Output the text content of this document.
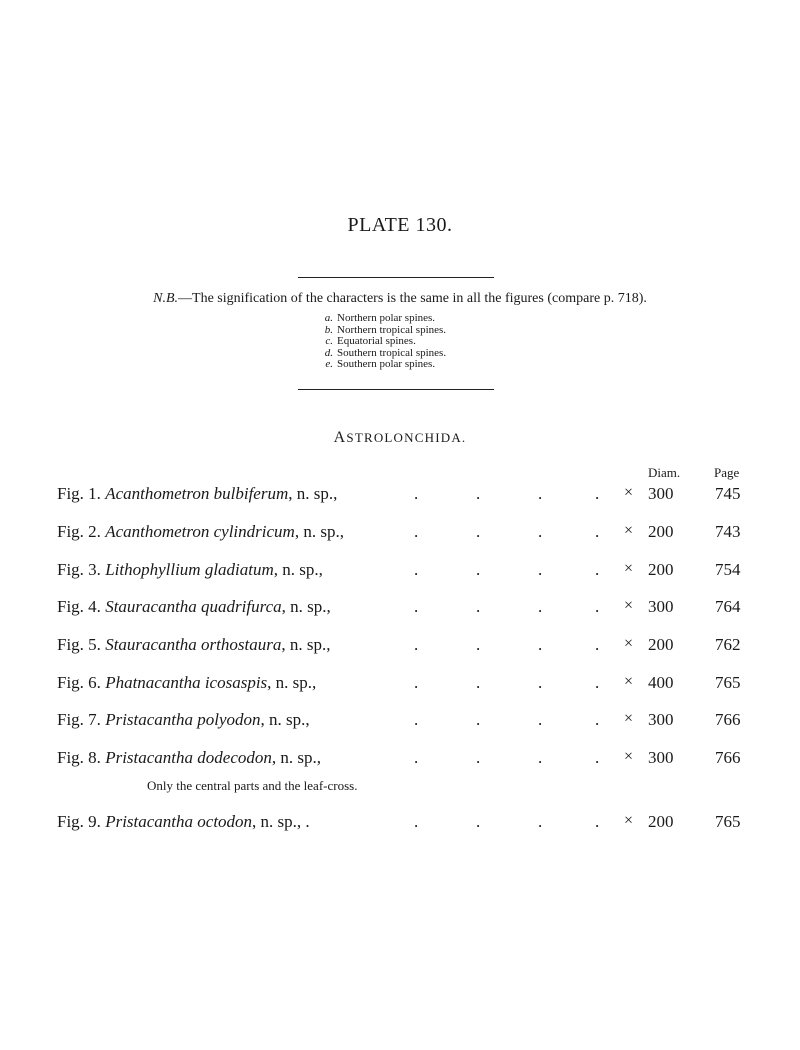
PLATE 130.
N.B.—The signification of the characters is the same in all the figures (compare p. 718).
a. Northern polar spines.
b. Northern tropical spines.
c. Equatorial spines.
d. Southern tropical spines.
e. Southern polar spines.
ASTROLONCHIDA.
Diam.	Page
Fig. 1. Acanthometron bulbiferum, n. sp.,	.	.	.	. × 300 745
Fig. 2. Acanthometron cylindricum, n. sp.,	.	.	.	. × 200 743
Fig. 3. Lithophyllium gladiatum, n. sp.,	.	.	.	. × 200 754
Fig. 4. Stauracantha quadrifurca, n. sp.,	.	.	.	. × 300 764
Fig. 5. Stauracantha orthostaura, n. sp.,	.	.	.	. × 200 762
Fig. 6. Phatnacantha icosaspis, n. sp.,	.	.	.	. × 400 765
Fig. 7. Pristacantha polyodon, n. sp.,	.	.	.	. × 300 766
Fig. 8. Pristacantha dodecodon, n. sp.,	.	.	.	. × 300 766
Only the central parts and the leaf-cross.
Fig. 9. Pristacantha octodon, n. sp., .	.	.	.	. × 200 765
